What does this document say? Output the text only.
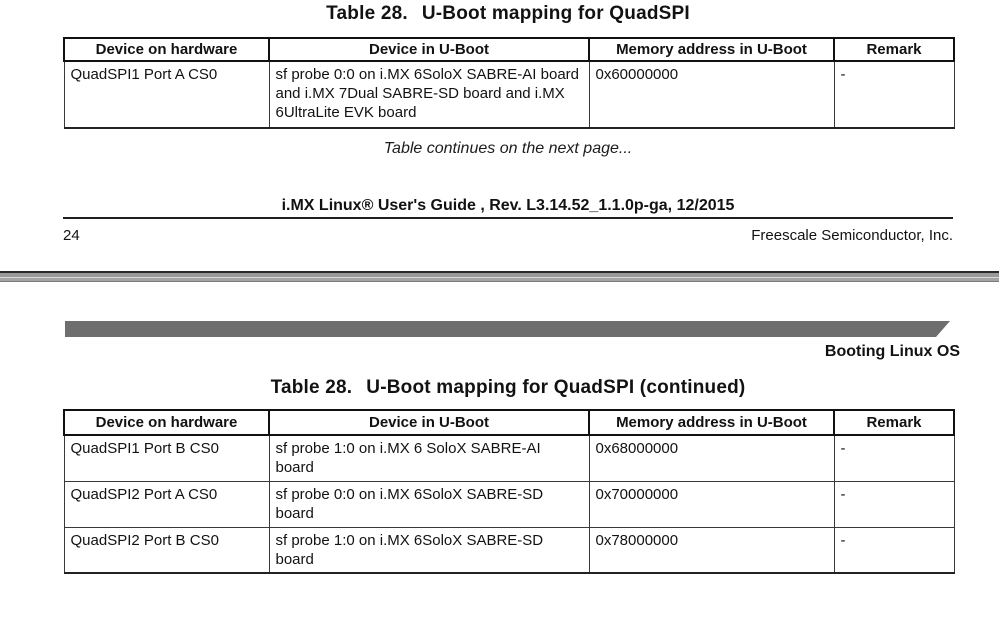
Table 28. U-Boot mapping for QuadSPI
Device on hardware	Device in U-Boot	Memory address in U-Boot	Remark
QuadSPI1 Port A CS0	sf probe 0:0 on i.MX 6SoloX SABRE-AI board and i.MX 7Dual SABRE-SD board and i.MX 6UltraLite EVK board	0x60000000	-
Table continues on the next page...
i.MX Linux® User's Guide , Rev. L3.14.52_1.1.0p-ga, 12/2015
24	Freescale Semiconductor, Inc.
Booting Linux OS
Table 28. U-Boot mapping for QuadSPI (continued)
Device on hardware	Device in U-Boot	Memory address in U-Boot	Remark
QuadSPI1 Port B CS0	sf probe 1:0 on i.MX 6 SoloX SABRE-AI board	0x68000000	-
QuadSPI2 Port A CS0	sf probe 0:0 on i.MX 6SoloX SABRE-SD board	0x70000000	-
QuadSPI2 Port B CS0	sf probe 1:0 on i.MX 6SoloX SABRE-SD board	0x78000000	-
